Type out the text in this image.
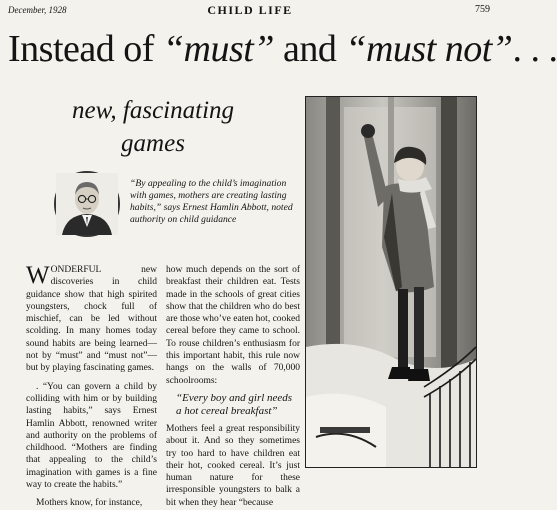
December, 1928	CHILD LIFE	759
Instead of “must” and “must not”. . .
new, fascinating
games
“By appealing to the child’s imagination with games, mothers are creating lasting habits,” says Ernest Hamlin Abbott, noted authority on child guidance

WONDERFUL new discoveries in child guidance show that high spirited youngsters, chock full of mischief, can be led without scolding. In many homes today sound habits are being learned—not by “must” and “must not”—but by playing fascinating games.

. “You can govern a child by colliding with him or by building lasting habits,” says Ernest Hamlin Abbott, renowned writer and authority on the problems of childhood. “Mothers are finding that appealing to the child’s imagination with games is a fine way to create the habits.”

Mothers know, for instance,

how much depends on the sort of breakfast their children eat. Tests made in the schools of great cities show that the children who do best are those who’ve eaten hot, cooked cereal before they came to school. To rouse children’s enthusiasm for this important habit, this rule now hangs on the walls of 70,000 schoolrooms:

“Every boy and girl needs a hot cereal breakfast”

Mothers feel a great responsibility about it. And so they sometimes try too hard to have children eat their hot, cooked cereal. It’s just human nature for these irresponsible youngsters to balk a bit when they hear “because
